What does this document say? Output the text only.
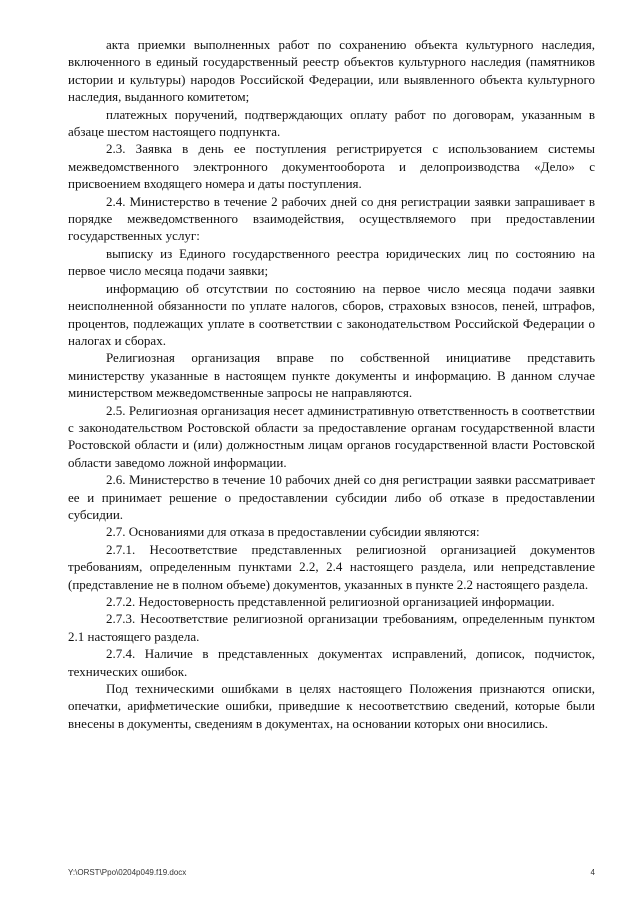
акта приемки выполненных работ по сохранению объекта культурного наследия, включенного в единый государственный реестр объектов культурного наследия (памятников истории и культуры) народов Российской Федерации, или выявленного объекта культурного наследия, выданного комитетом;

платежных поручений, подтверждающих оплату работ по договорам, указанным в абзаце шестом настоящего подпункта.

2.3. Заявка в день ее поступления регистрируется с использованием системы межведомственного электронного документооборота и делопроизводства «Дело» с присвоением входящего номера и даты поступления.

2.4. Министерство в течение 2 рабочих дней со дня регистрации заявки запрашивает в порядке межведомственного взаимодействия, осуществляемого при предоставлении государственных услуг:

выписку из Единого государственного реестра юридических лиц по состоянию на первое число месяца подачи заявки;

информацию об отсутствии по состоянию на первое число месяца подачи заявки неисполненной обязанности по уплате налогов, сборов, страховых взносов, пеней, штрафов, процентов, подлежащих уплате в соответствии с законодательством Российской Федерации о налогах и сборах.

Религиозная организация вправе по собственной инициативе представить министерству указанные в настоящем пункте документы и информацию. В данном случае министерством межведомственные запросы не направляются.

2.5. Религиозная организация несет административную ответственность в соответствии с законодательством Ростовской области за предоставление органам государственной власти Ростовской области и (или) должностным лицам органов государственной власти Ростовской области заведомо ложной информации.

2.6. Министерство в течение 10 рабочих дней со дня регистрации заявки рассматривает ее и принимает решение о предоставлении субсидии либо об отказе в предоставлении субсидии.

2.7. Основаниями для отказа в предоставлении субсидии являются:

2.7.1. Несоответствие представленных религиозной организацией документов требованиям, определенным пунктами 2.2, 2.4 настоящего раздела, или непредставление (представление не в полном объеме) документов, указанных в пункте 2.2 настоящего раздела.

2.7.2. Недостоверность представленной религиозной организацией информации.

2.7.3. Несоответствие религиозной организации требованиям, определенным пунктом 2.1 настоящего раздела.

2.7.4. Наличие в представленных документах исправлений, дописок, подчисток, технических ошибок.

Под техническими ошибками в целях настоящего Положения признаются описки, опечатки, арифметические ошибки, приведшие к несоответствию сведений, которые были внесены в документы, сведениям в документах, на основании которых они вносились.

Y:\ORST\Ppo\0204p049.f19.docx	4
